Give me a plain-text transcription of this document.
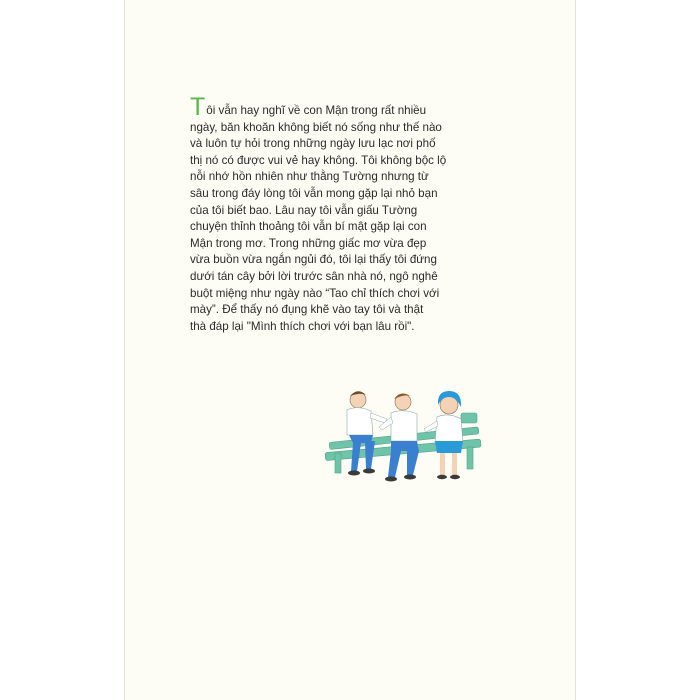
Tôi vẫn hay nghĩ về con Mận trong rất nhiều
ngày, băn khoăn không biết nó sống như thế nào
và luôn tự hỏi trong những ngày lưu lạc nơi phố
thị nó có được vui vẻ hay không. Tôi không bộc lộ
nỗi nhớ hồn nhiên như thằng Tường nhưng từ
sâu trong đáy lòng tôi vẫn mong gặp lại nhỏ bạn
của tôi biết bao. Lâu nay tôi vẫn giấu Tường
chuyện thỉnh thoảng tôi vẫn bí mật gặp lại con
Mận trong mơ. Trong những giấc mơ vừa đẹp
vừa buồn vừa ngắn ngủi đó, tôi lại thấy tôi đứng
dưới tán cây bởi lời trước sân nhà nó, ngô nghê
buột miệng như ngày nào “Tao chỉ thích chơi với
mày”. Để thấy nó đụng khẽ vào tay tôi và thật
thà đáp lại "Mình thích chơi với bạn lâu rồi".
